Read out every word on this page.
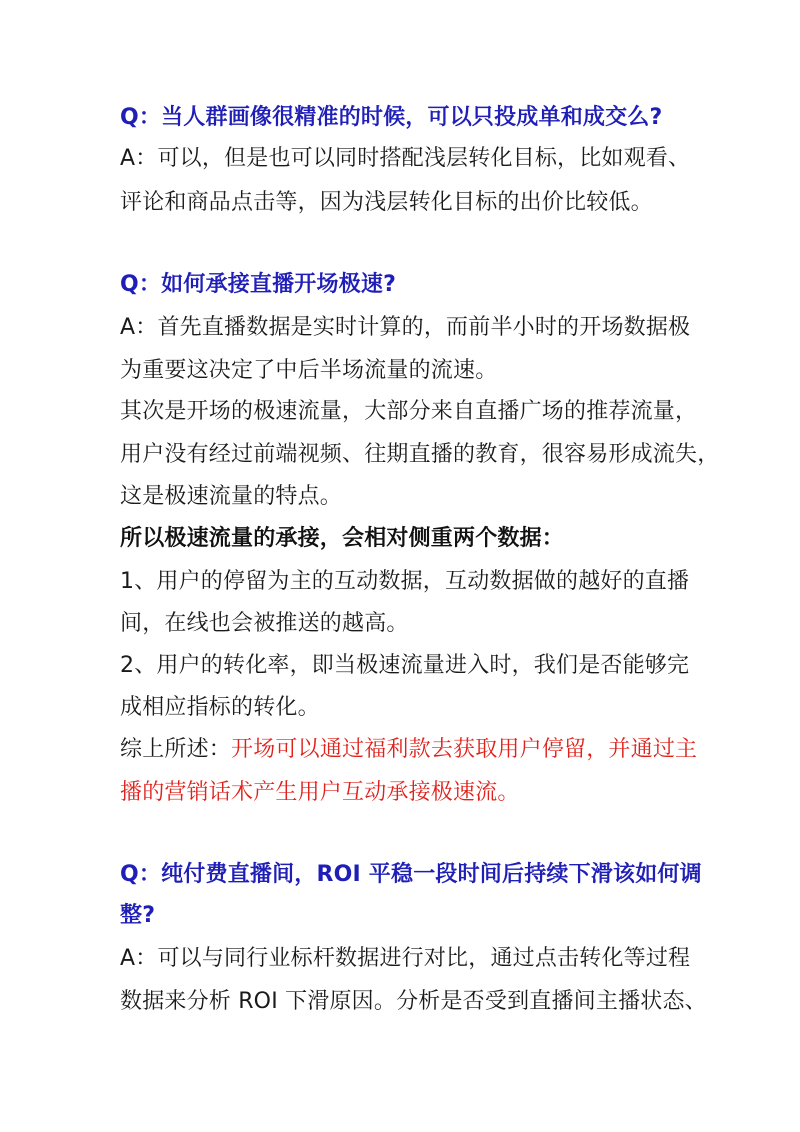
Q：当人群画像很精准的时候，可以只投成单和成交么?
A：可以，但是也可以同时搭配浅层转化目标，比如观看、
评论和商品点击等，因为浅层转化目标的出价比较低。
Q：如何承接直播开场极速?
A：首先直播数据是实时计算的，而前半小时的开场数据极
为重要这决定了中后半场流量的流速。
其次是开场的极速流量，大部分来自直播广场的推荐流量，
用户没有经过前端视频、往期直播的教育，很容易形成流失，
这是极速流量的特点。
所以极速流量的承接，会相对侧重两个数据：
1、用户的停留为主的互动数据，互动数据做的越好的直播
间，在线也会被推送的越高。
2、用户的转化率，即当极速流量进入时，我们是否能够完
成相应指标的转化。
综上所述：开场可以通过福利款去获取用户停留，并通过主
播的营销话术产生用户互动承接极速流。
Q：纯付费直播间，ROI 平稳一段时间后持续下滑该如何调
整?
A：可以与同行业标杆数据进行对比，通过点击转化等过程
数据来分析 ROI 下滑原因。分析是否受到直播间主播状态、
